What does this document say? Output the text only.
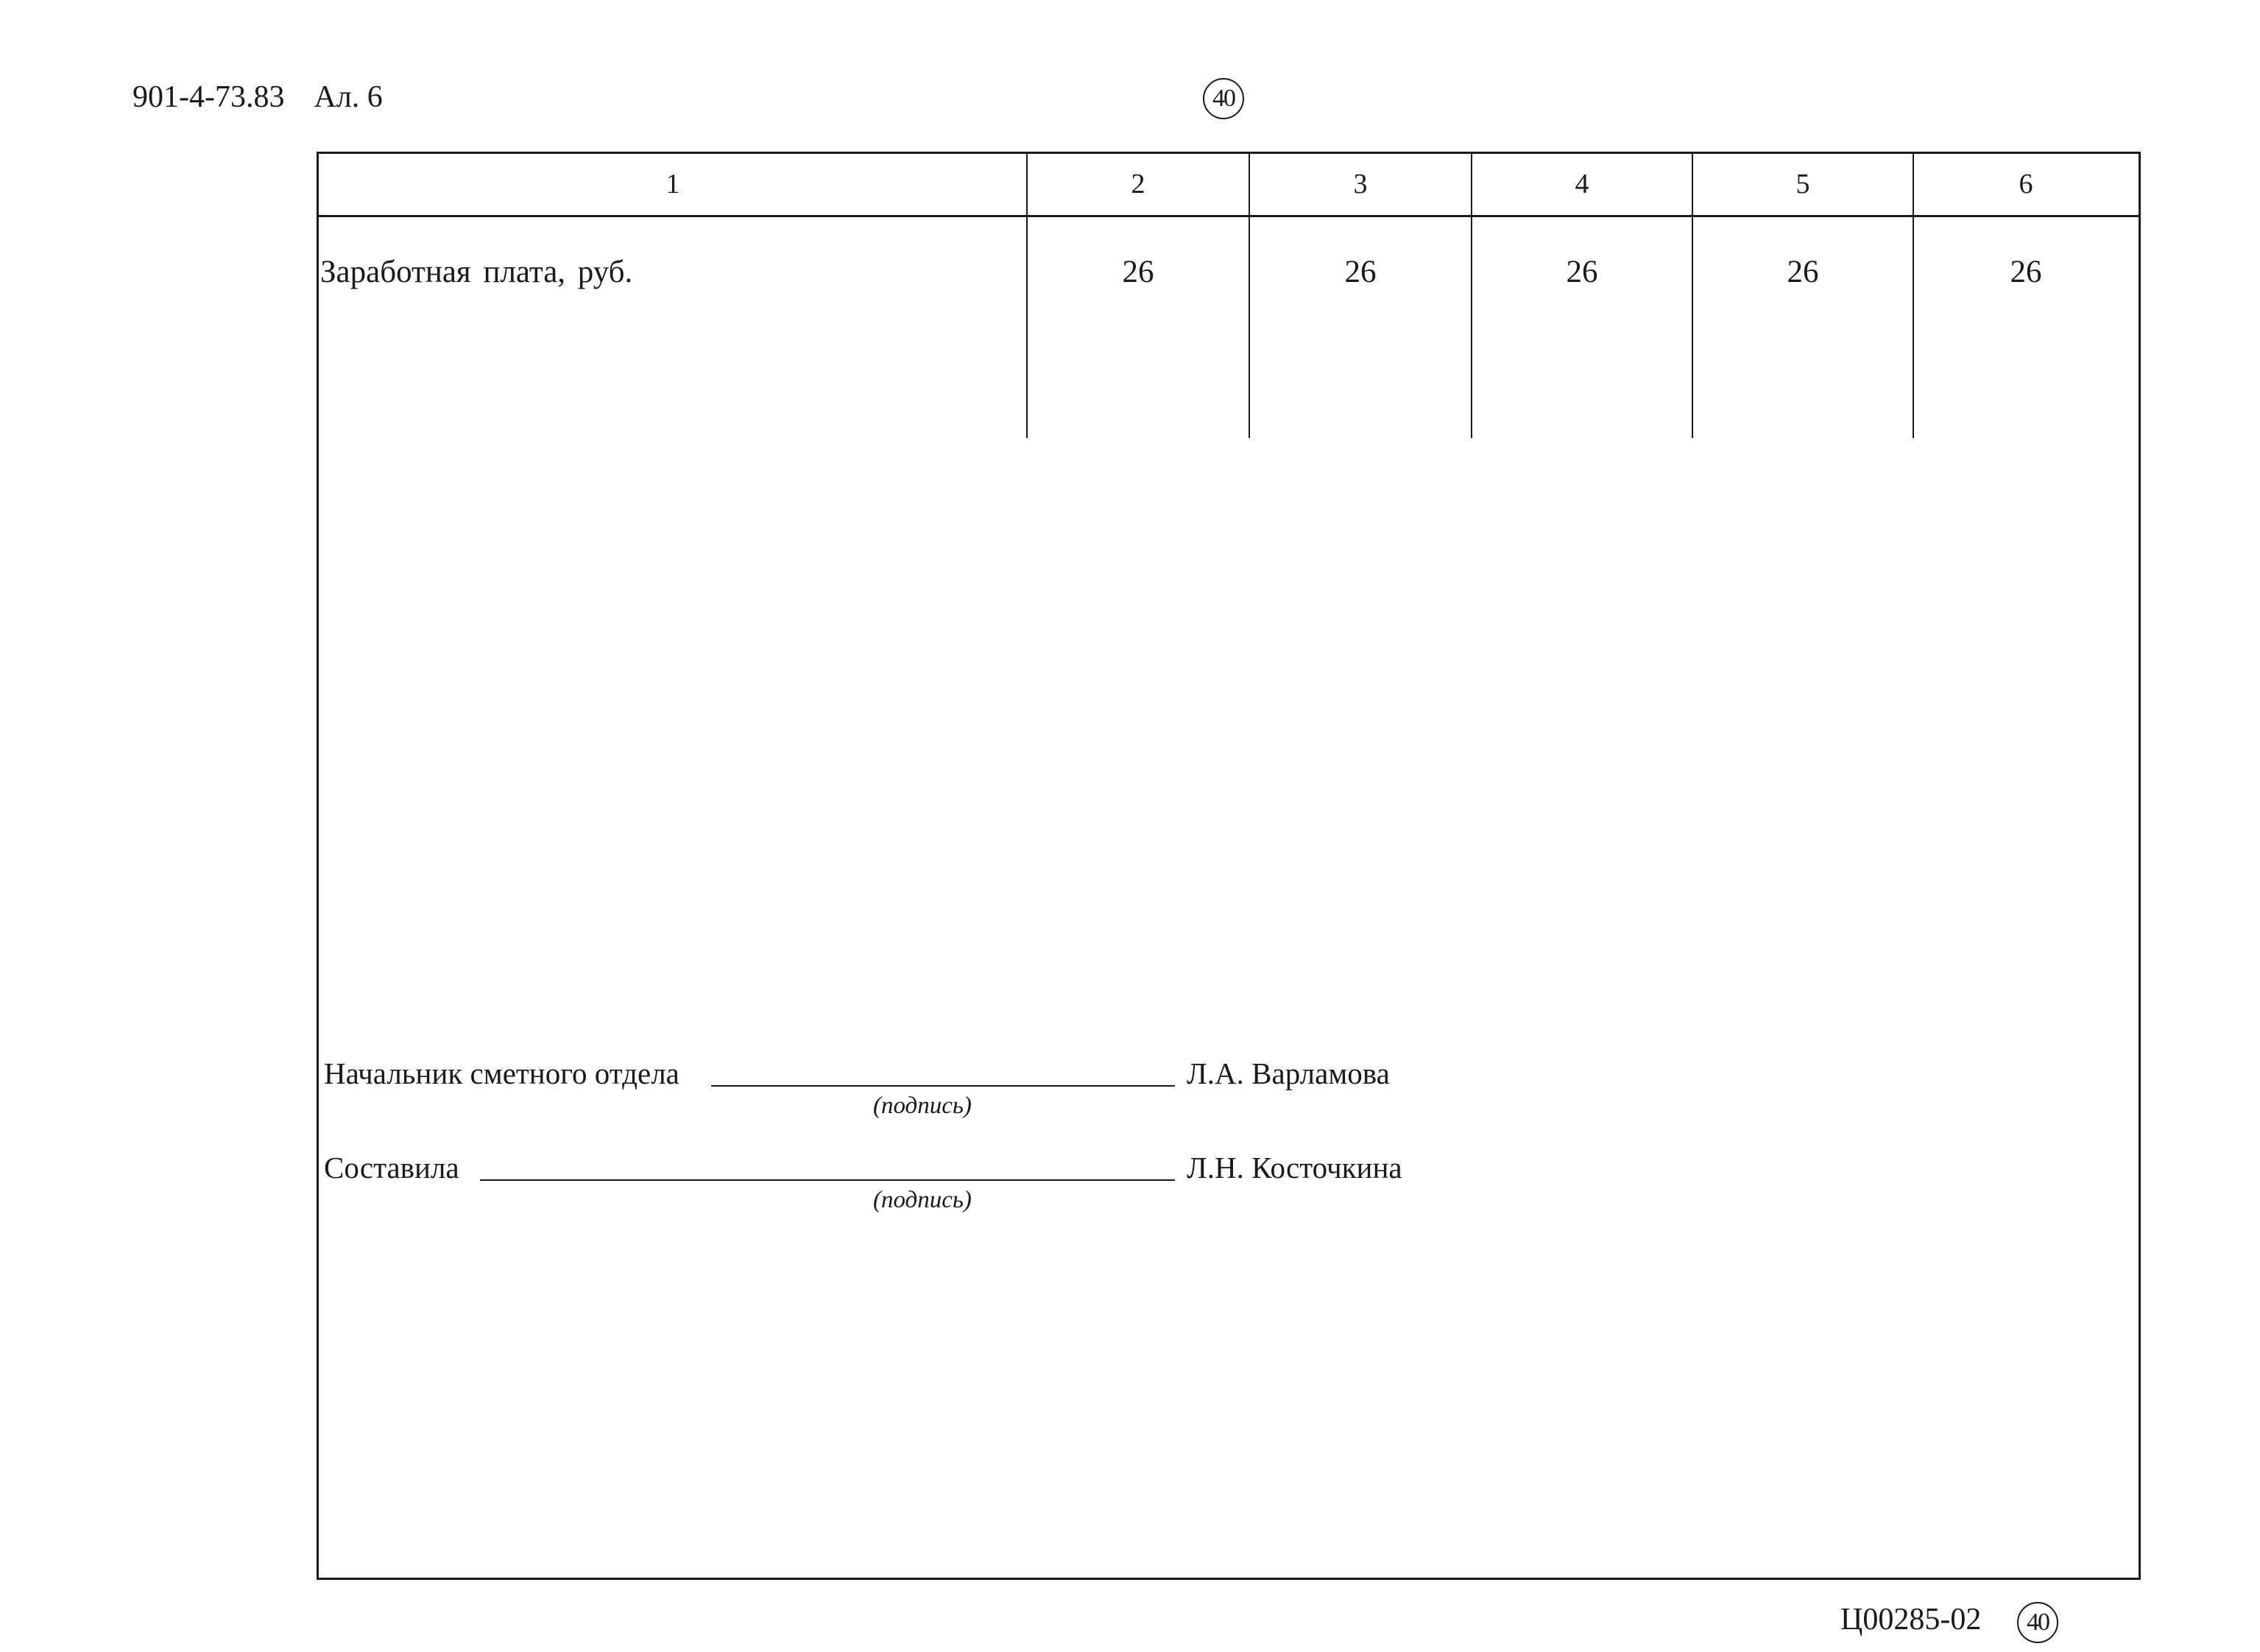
901-4-73.83 Ал. 6	40
1	2	3	4	5	6
Заработная плата, руб.	26	26	26	26	26
Начальник сметного отдела	Л.А. Варламова
(подпись)
Составила	Л.Н. Косточкина
(подпись)
Ц00285-02	40
